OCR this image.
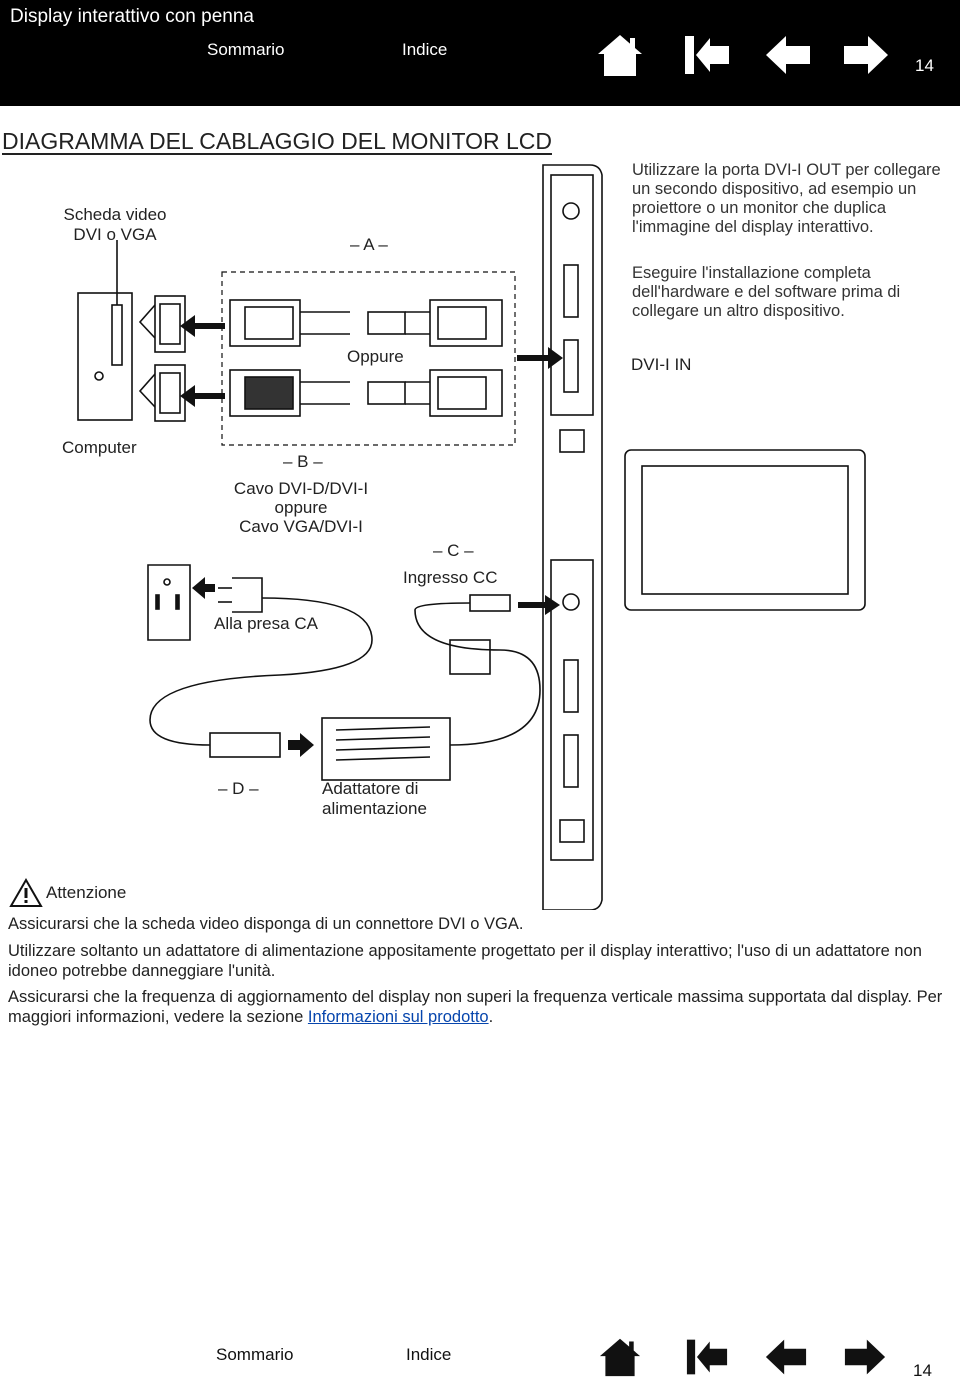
Display interattivo con penna
Sommario	Indice
14
DIAGRAMMA DEL CABLAGGIO DEL MONITOR LCD
Scheda video
DVI o VGA
– A –
Oppure
Computer
– B –
Cavo DVI-D/DVI-I
oppure
Cavo VGA/DVI-I
– C –
Ingresso CC
Alla presa CA
– D –	Adattatore di
alimentazione
Utilizzare la porta DVI-I OUT per collegare un secondo dispositivo, ad esempio un proiettore o un monitor che duplica l'immagine del display interattivo.
Eseguire l'installazione completa dell'hardware e del software prima di collegare un altro dispositivo.
DVI-I IN
Attenzione
Assicurarsi che la scheda video disponga di un connettore DVI o VGA.
Utilizzare soltanto un adattatore di alimentazione appositamente progettato per il display interattivo; l'uso di un adattatore non idoneo potrebbe danneggiare l'unità.
Assicurarsi che la frequenza di aggiornamento del display non superi la frequenza verticale massima supportata dal display. Per maggiori informazioni, vedere la sezione Informazioni sul prodotto.
Sommario	Indice
14
